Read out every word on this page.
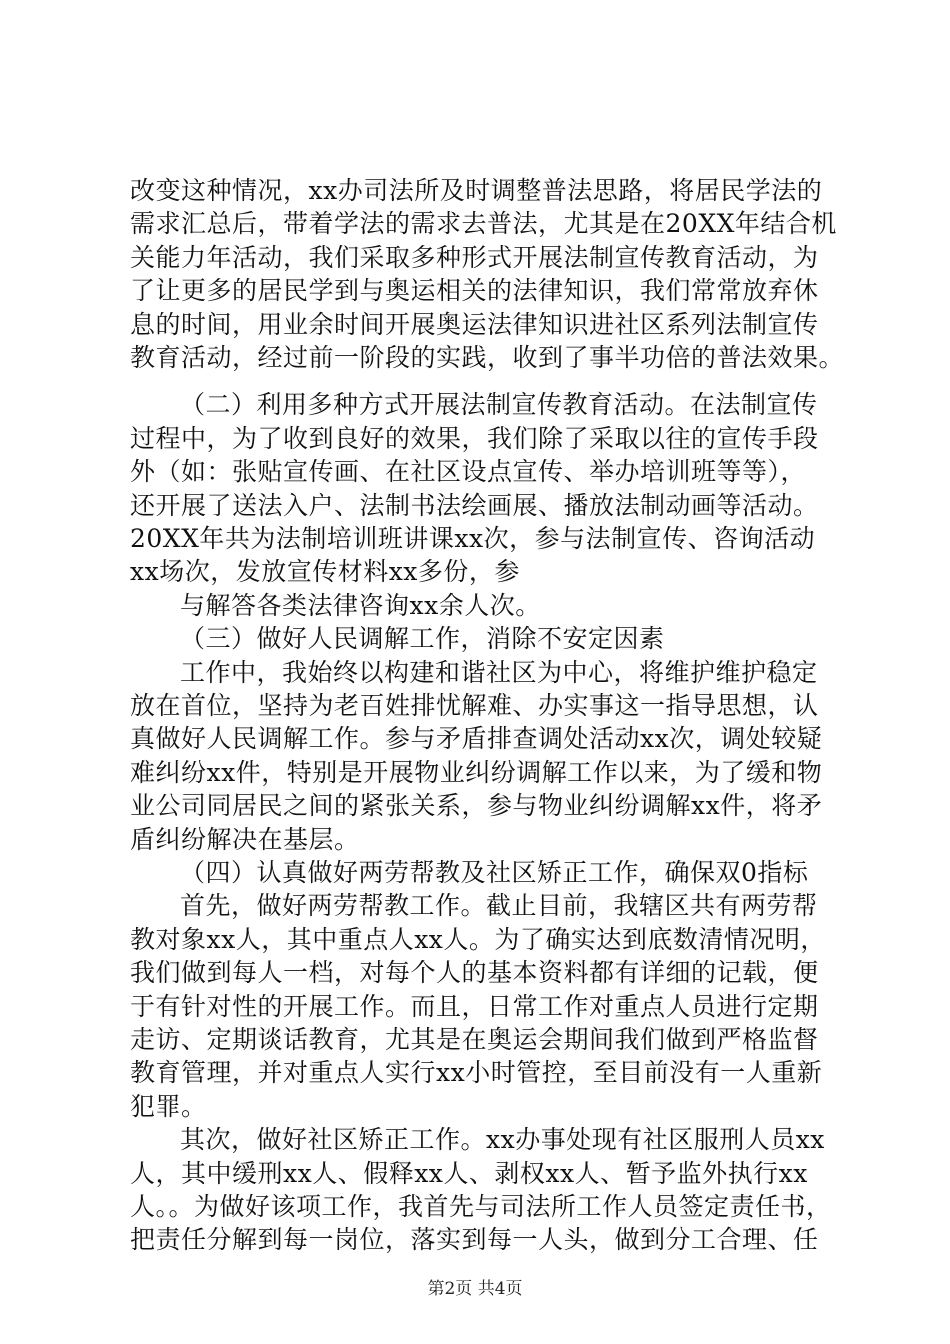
改变这种情况，xx办司法所及时调整普法思路，将居民学法的
需求汇总后，带着学法的需求去普法，尤其是在20XX年结合机
关能力年活动，我们采取多种形式开展法制宣传教育活动，为
了让更多的居民学到与奥运相关的法律知识，我们常常放弃休
息的时间，用业余时间开展奥运法律知识进社区系列法制宣传
教育活动，经过前一阶段的实践，收到了事半功倍的普法效果。
（二）利用多种方式开展法制宣传教育活动。在法制宣传
过程中，为了收到良好的效果，我们除了采取以往的宣传手段
外（如：张贴宣传画、在社区设点宣传、举办培训班等等），
还开展了送法入户、法制书法绘画展、播放法制动画等活动。
20XX年共为法制培训班讲课xx次，参与法制宣传、咨询活动
xx场次，发放宣传材料xx多份，参
与解答各类法律咨询xx余人次。
（三）做好人民调解工作，消除不安定因素
工作中，我始终以构建和谐社区为中心，将维护维护稳定
放在首位，坚持为老百姓排忧解难、办实事这一指导思想，认
真做好人民调解工作。参与矛盾排查调处活动xx次，调处较疑
难纠纷xx件，特别是开展物业纠纷调解工作以来，为了缓和物
业公司同居民之间的紧张关系，参与物业纠纷调解xx件，将矛
盾纠纷解决在基层。
（四）认真做好两劳帮教及社区矫正工作，确保双0指标
首先，做好两劳帮教工作。截止目前，我辖区共有两劳帮
教对象xx人，其中重点人xx人。为了确实达到底数清情况明，
我们做到每人一档，对每个人的基本资料都有详细的记载，便
于有针对性的开展工作。而且，日常工作对重点人员进行定期
走访、定期谈话教育，尤其是在奥运会期间我们做到严格监督
教育管理，并对重点人实行xx小时管控，至目前没有一人重新
犯罪。
其次，做好社区矫正工作。xx办事处现有社区服刑人员xx
人，其中缓刑xx人、假释xx人、剥权xx人、暂予监外执行xx
人。。为做好该项工作，我首先与司法所工作人员签定责任书，
第2页 共4页
把责任分解到每一岗位，落实到每一人头，做到分工合理、任
